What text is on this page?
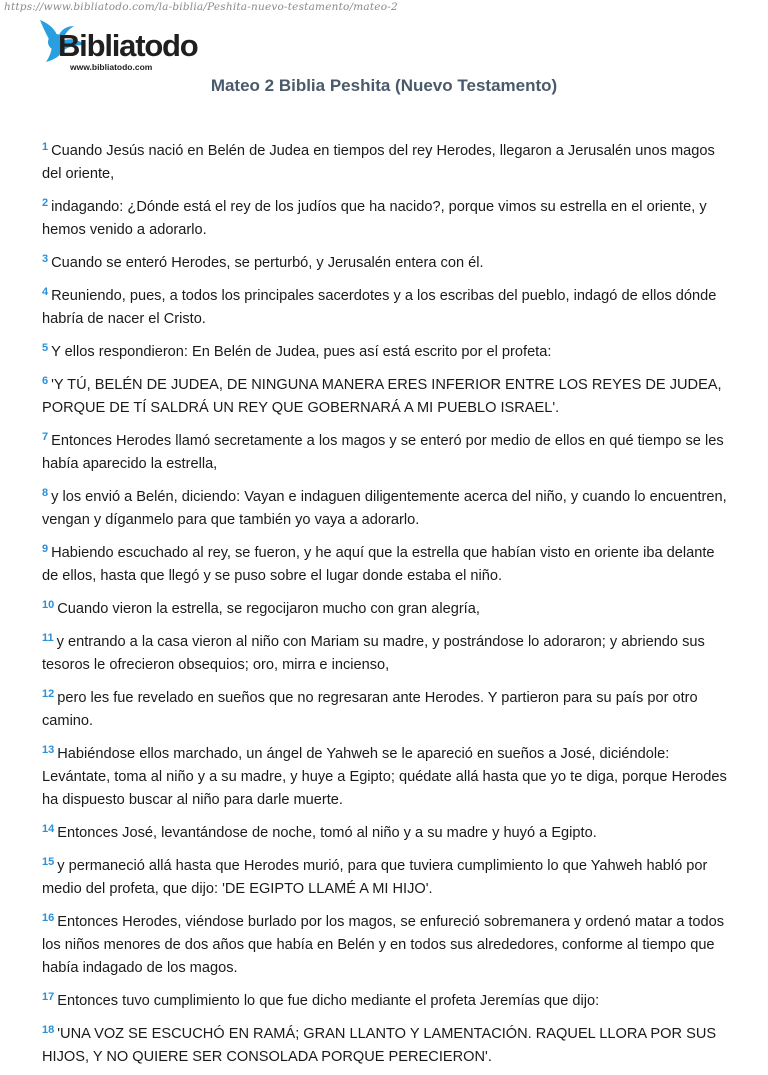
https://www.bibliatodo.com/la-biblia/Peshita-nuevo-testamento/mateo-2
Bibliatodo
www.bibliatodo.com
Mateo 2 Biblia Peshita (Nuevo Testamento)
$^1$ Cuando Jesús nació en Belén de Judea en tiempos del rey Herodes, llegaron a Jerusalén unos magos del oriente,
$^2$ indagando: ¿Dónde está el rey de los judíos que ha nacido?, porque vimos su estrella en el oriente, y hemos venido a adorarlo.
$^3$ Cuando se enteró Herodes, se perturbó, y Jerusalén entera con él.
$^4$ Reuniendo, pues, a todos los principales sacerdotes y a los escribas del pueblo, indagó de ellos dónde habría de nacer el Cristo.
$^5$ Y ellos respondieron: En Belén de Judea, pues así está escrito por el profeta:
$^6$ 'Y TÚ, BELÉN DE JUDEA, DE NINGUNA MANERA ERES INFERIOR ENTRE LOS REYES DE JUDEA, PORQUE DE TÍ SALDRÁ UN REY QUE GOBERNARÁ A MI PUEBLO ISRAEL'.
$^7$ Entonces Herodes llamó secretamente a los magos y se enteró por medio de ellos en qué tiempo se les había aparecido la estrella,
$^8$ y los envió a Belén, diciendo: Vayan e indaguen diligentemente acerca del niño, y cuando lo encuentren, vengan y díganmelo para que también yo vaya a adorarlo.
$^9$ Habiendo escuchado al rey, se fueron, y he aquí que la estrella que habían visto en oriente iba delante de ellos, hasta que llegó y se puso sobre el lugar donde estaba el niño.
$^{10}$ Cuando vieron la estrella, se regocijaron mucho con gran alegría,
$^{11}$ y entrando a la casa vieron al niño con Mariam su madre, y postrándose lo adoraron; y abriendo sus tesoros le ofrecieron obsequios; oro, mirra e incienso,
$^{12}$ pero les fue revelado en sueños que no regresaran ante Herodes. Y partieron para su país por otro camino.
$^{13}$ Habiéndose ellos marchado, un ángel de Yahweh se le apareció en sueños a José, diciéndole: Levántate, toma al niño y a su madre, y huye a Egipto; quédate allá hasta que yo te diga, porque Herodes ha dispuesto buscar al niño para darle muerte.
$^{14}$ Entonces José, levantándose de noche, tomó al niño y a su madre y huyó a Egipto.
$^{15}$ y permaneció allá hasta que Herodes murió, para que tuviera cumplimiento lo que Yahweh habló por medio del profeta, que dijo: 'DE EGIPTO LLAMÉ A MI HIJO'.
$^{16}$ Entonces Herodes, viéndose burlado por los magos, se enfureció sobremanera y ordenó matar a todos los niños menores de dos años que había en Belén y en todos sus alrededores, conforme al tiempo que había indagado de los magos.
$^{17}$ Entonces tuvo cumplimiento lo que fue dicho mediante el profeta Jeremías que dijo:
$^{18}$ 'UNA VOZ SE ESCUCHÓ EN RAMÁ; GRAN LLANTO Y LAMENTACIÓN. RAQUEL LLORA POR SUS HIJOS, Y NO QUIERE SER CONSOLADA PORQUE PERECIERON'.
